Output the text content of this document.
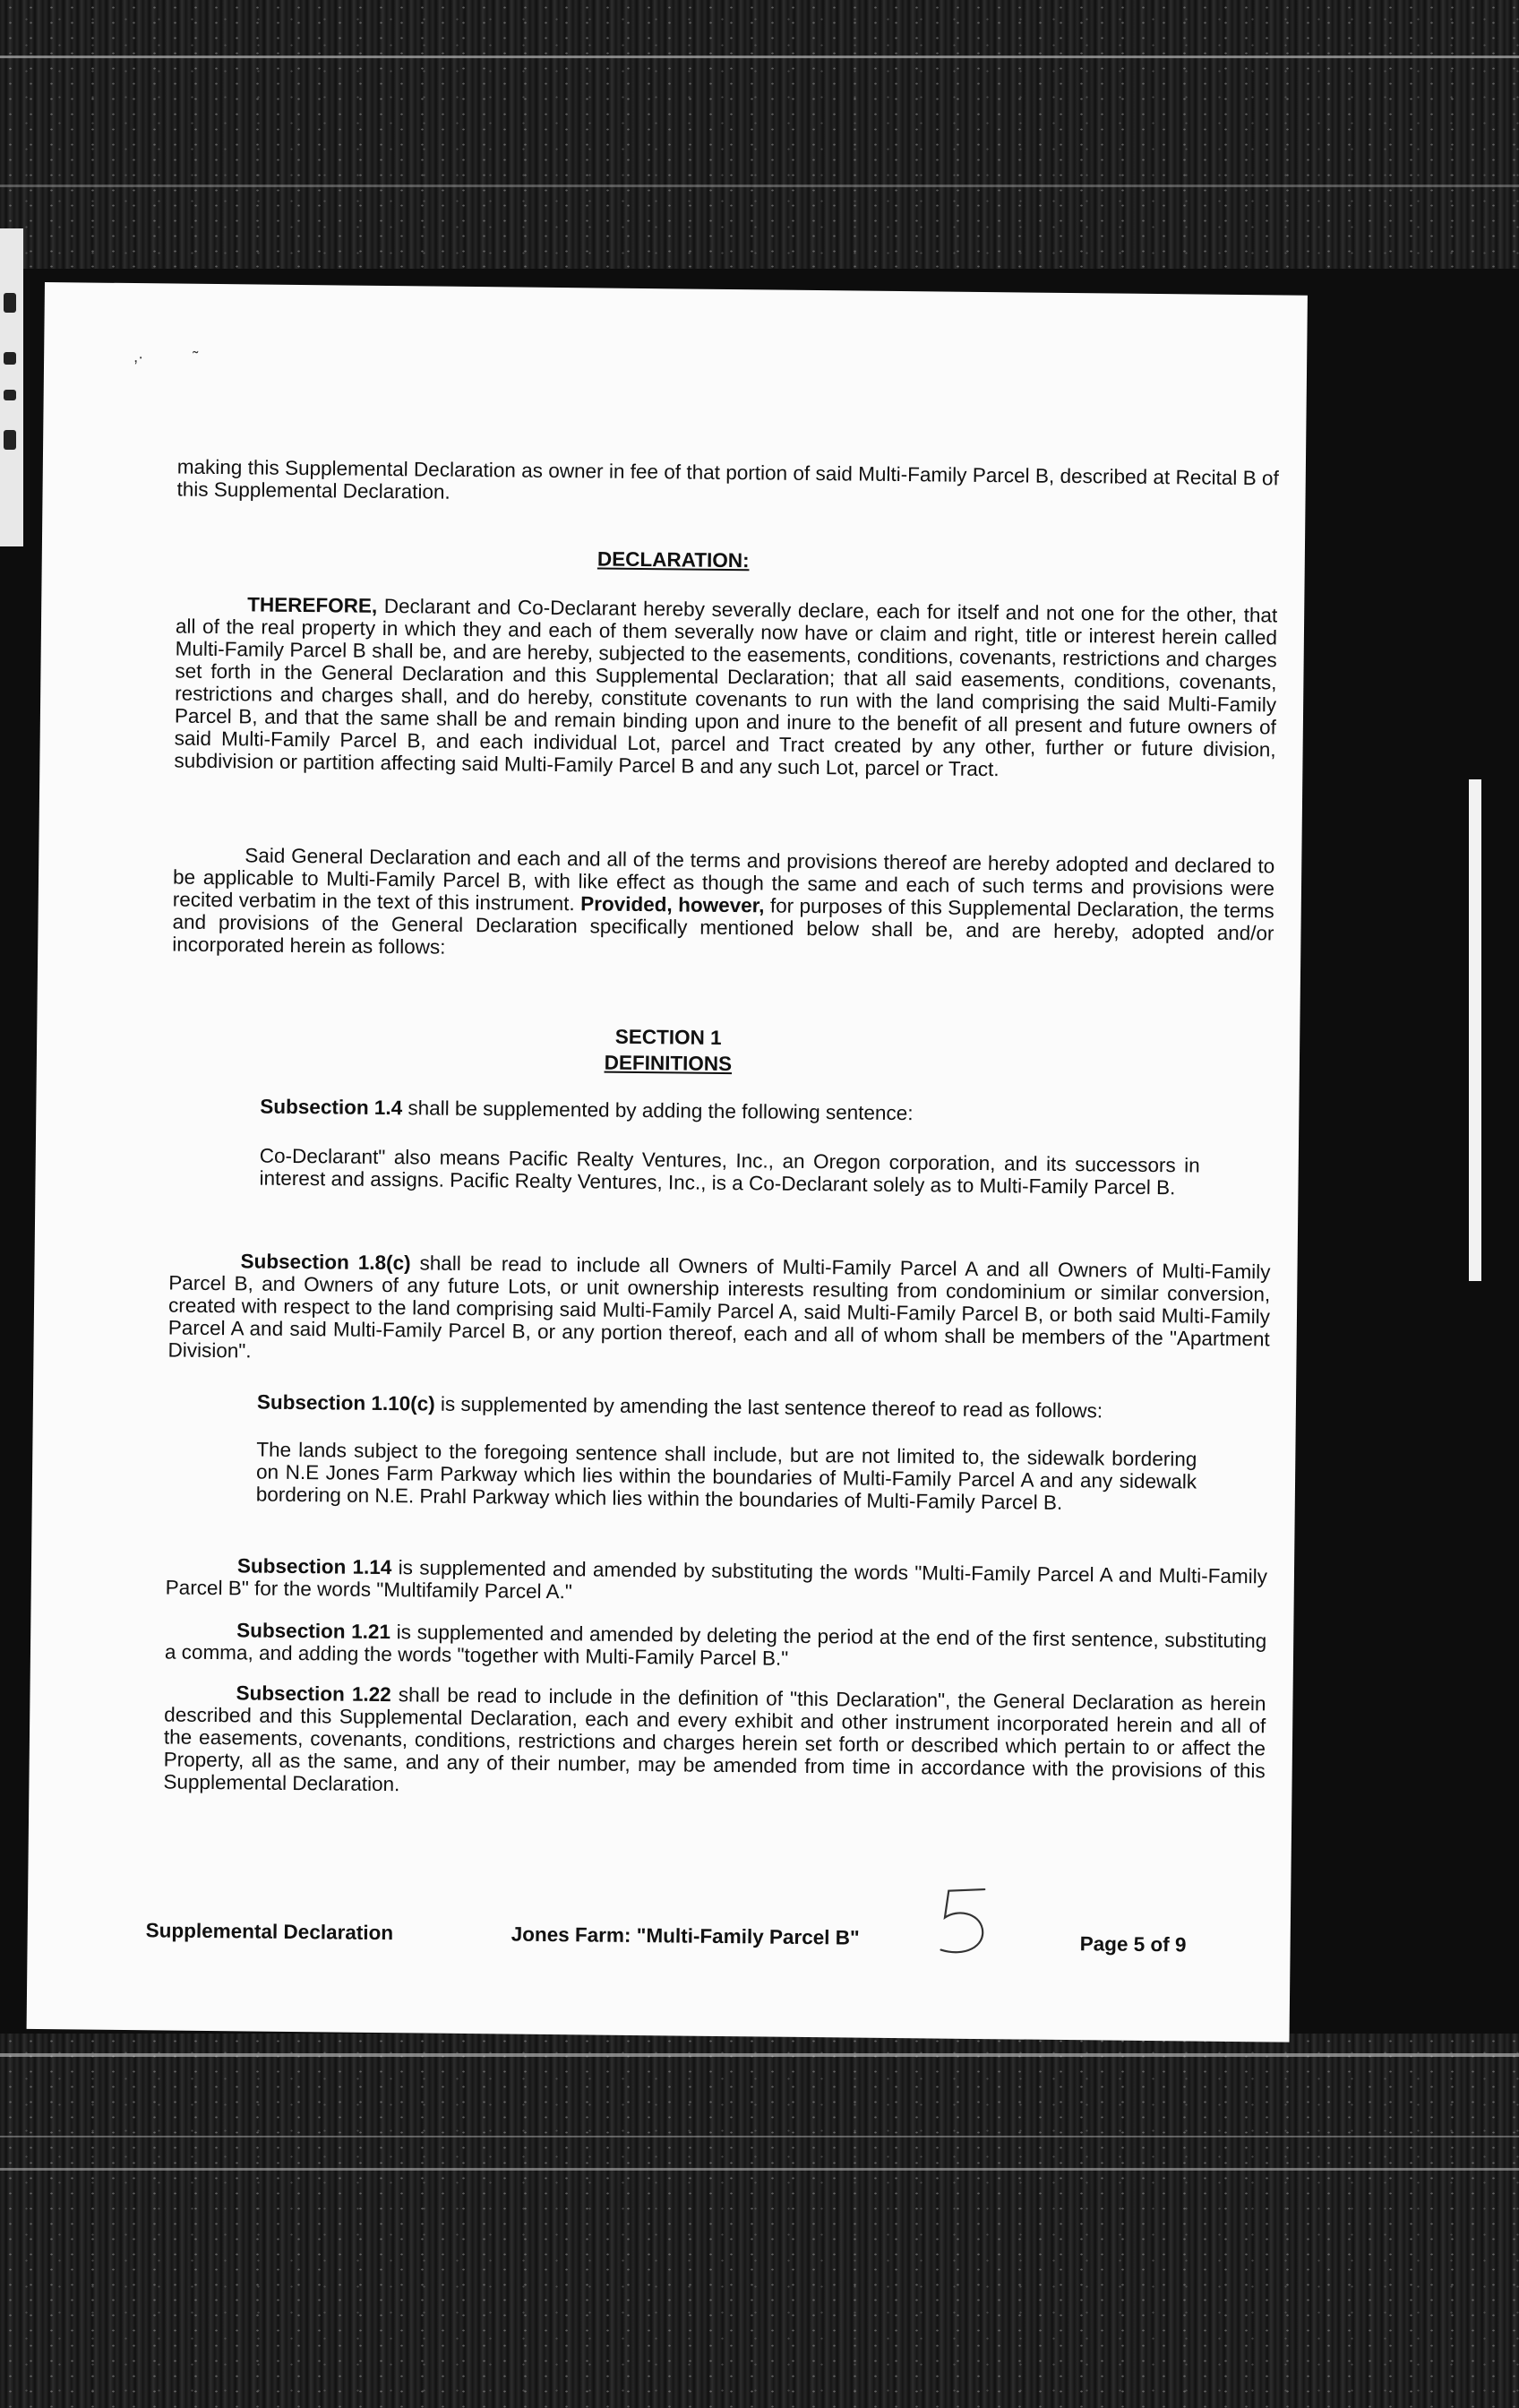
,·           ˜

making this Supplemental Declaration as owner in fee of that portion of said Multi-Family Parcel B, described at Recital B of this Supplemental Declaration.

DECLARATION:

THEREFORE, Declarant and Co-Declarant hereby severally declare, each for itself and not one for the other, that all of the real property in which they and each of them severally now have or claim and right, title or interest herein called Multi-Family Parcel B shall be, and are hereby, subjected to the easements, conditions, covenants, restrictions and charges set forth in the General Declaration and this Supplemental Declaration; that all said easements, conditions, covenants, restrictions and charges shall, and do hereby, constitute covenants to run with the land comprising the said Multi-Family Parcel B, and that the same shall be and remain binding upon and inure to the benefit of all present and future owners of said Multi-Family Parcel B, and each individual Lot, parcel and Tract created by any other, further or future division, subdivision or partition affecting said Multi-Family Parcel B and any such Lot, parcel or Tract.

Said General Declaration and each and all of the terms and provisions thereof are hereby adopted and declared to be applicable to Multi-Family Parcel B, with like effect as though the same and each of such terms and provisions were recited verbatim in the text of this instrument. Provided, however, for purposes of this Supplemental Declaration, the terms and provisions of the General Declaration specifically mentioned below shall be, and are hereby, adopted and/or incorporated herein as follows:

SECTION 1

DEFINITIONS

Subsection 1.4 shall be supplemented by adding the following sentence:

Co-Declarant" also means Pacific Realty Ventures, Inc., an Oregon corporation, and its successors in interest and assigns. Pacific Realty Ventures, Inc., is a Co-Declarant solely as to Multi-Family Parcel B.

Subsection 1.8(c) shall be read to include all Owners of Multi-Family Parcel A and all Owners of Multi-Family Parcel B, and Owners of any future Lots, or unit ownership interests resulting from condominium or similar conversion, created with respect to the land comprising said Multi-Family Parcel A, said Multi-Family Parcel B, or both said Multi-Family Parcel A and said Multi-Family Parcel B, or any portion thereof, each and all of whom shall be members of the "Apartment Division".

Subsection 1.10(c) is supplemented by amending the last sentence thereof to read as follows:

The lands subject to the foregoing sentence shall include, but are not limited to, the sidewalk bordering on N.E Jones Farm Parkway which lies within the boundaries of Multi-Family Parcel A and any sidewalk bordering on N.E. Prahl Parkway which lies within the boundaries of Multi-Family Parcel B.

Subsection 1.14 is supplemented and amended by substituting the words "Multi-Family Parcel A and Multi-Family Parcel B" for the words "Multifamily Parcel A."

Subsection 1.21 is supplemented and amended by deleting the period at the end of the first sentence, substituting a comma, and adding the words "together with Multi-Family Parcel B."

Subsection 1.22 shall be read to include in the definition of "this Declaration", the General Declaration as herein described and this Supplemental Declaration, each and every exhibit and other instrument incorporated herein and all of the easements, covenants, conditions, restrictions and charges herein set forth or described which pertain to or affect the Property, all as the same, and any of their number, may be amended from time in accordance with the provisions of this Supplemental Declaration.

Supplemental Declaration	Jones Farm: "Multi-Family Parcel B"	Page 5 of 9
